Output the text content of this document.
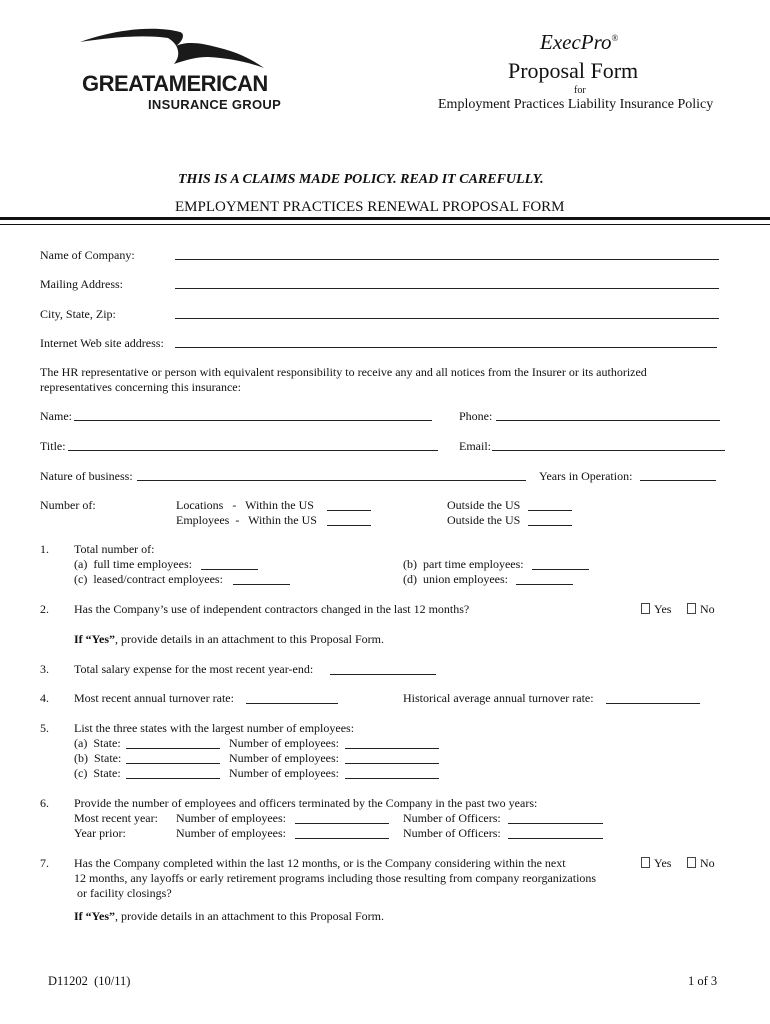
GREATAMERICAN
INSURANCE GROUP
ExecPro®
Proposal Form
for
Employment Practices Liability Insurance Policy
THIS IS A CLAIMS MADE POLICY. READ IT CAREFULLY.
EMPLOYMENT PRACTICES RENEWAL PROPOSAL FORM
Name of Company:
Mailing Address:
City, State, Zip:
Internet Web site address:
The HR representative or person with equivalent responsibility to receive any and all notices from the Insurer or its authorized
representatives concerning this insurance:
Name:	Phone:
Title:	Email:
Nature of business:	Years in Operation:
Number of:	Locations   -   Within the US	Outside the US
Employees  -   Within the US	Outside the US
1. Total number of:
(a)  full time employees:	(b)  part time employees:
(c)  leased/contract employees:	(d)  union employees:
2. Has the Company’s use of independent contractors changed in the last 12 months?	Yes	No
If “Yes”, provide details in an attachment to this Proposal Form.
3. Total salary expense for the most recent year-end:
4. Most recent annual turnover rate:	Historical average annual turnover rate:
5. List the three states with the largest number of employees:
(a)  State:	Number of employees:
(b)  State:	Number of employees:
(c)  State:	Number of employees:
6. Provide the number of employees and officers terminated by the Company in the past two years:
Most recent year: Number of employees:	Number of Officers:
Year prior:	Number of employees:	Number of Officers:
7. Has the Company completed within the last 12 months, or is the Company considering within the next
12 months, any layoffs or early retirement programs including those resulting from company reorganizations
or facility closings?
Yes	No
If “Yes”, provide details in an attachment to this Proposal Form.
D11202  (10/11)	1 of 3
